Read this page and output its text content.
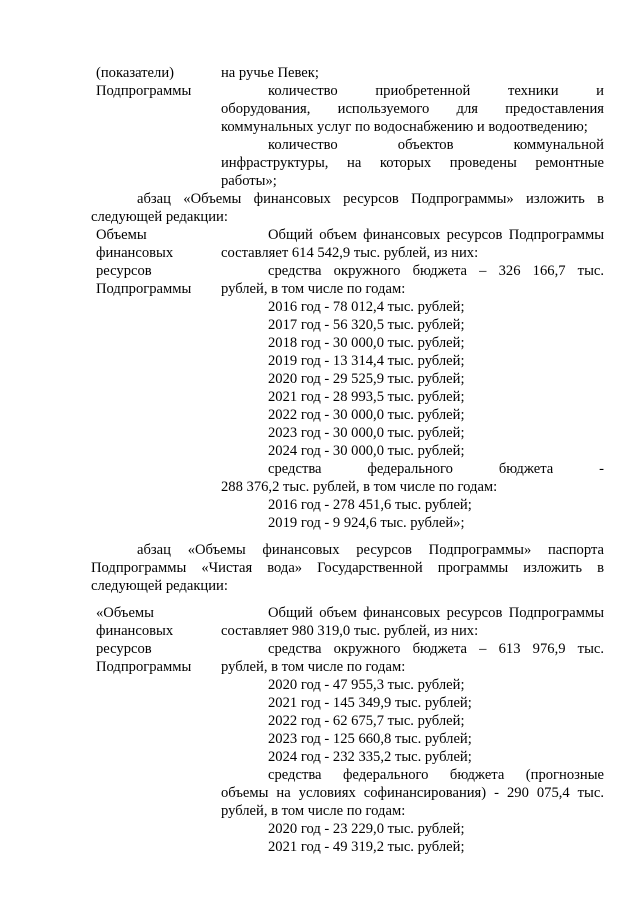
(показатели)	на ручье Певек;
Подпрограммы	количество приобретенной техники и
оборудования, используемого для предоставления
коммунальных услуг по водоснабжению и водоотведению;
количество объектов коммунальной
инфраструктуры, на которых проведены ремонтные
работы»;
абзац «Объемы финансовых ресурсов Подпрограммы» изложить в
следующей редакции:
Объемы
финансовых
ресурсов
Подпрограммы
Общий объем финансовых ресурсов Подпрограммы
составляет 614 542,9 тыс. рублей, из них:
средства окружного бюджета – 326 166,7 тыс.
рублей, в том числе по годам:
2016 год - 78 012,4 тыс. рублей;
2017 год - 56 320,5 тыс. рублей;
2018 год - 30 000,0 тыс. рублей;
2019 год - 13 314,4 тыс. рублей;
2020 год - 29 525,9 тыс. рублей;
2021 год - 28 993,5 тыс. рублей;
2022 год - 30 000,0 тыс. рублей;
2023 год - 30 000,0 тыс. рублей;
2024 год - 30 000,0 тыс. рублей;
средства федерального бюджета -
288 376,2 тыс. рублей, в том числе по годам:
2016 год - 278 451,6 тыс. рублей;
2019 год - 9 924,6 тыс. рублей»;
абзац «Объемы финансовых ресурсов Подпрограммы» паспорта
Подпрограммы «Чистая вода» Государственной программы изложить в
следующей редакции:
«Объемы
финансовых
ресурсов
Подпрограммы
Общий объем финансовых ресурсов Подпрограммы
составляет 980 319,0 тыс. рублей, из них:
средства окружного бюджета – 613 976,9 тыс.
рублей, в том числе по годам:
2020 год - 47 955,3 тыс. рублей;
2021 год - 145 349,9 тыс. рублей;
2022 год - 62 675,7 тыс. рублей;
2023 год - 125 660,8 тыс. рублей;
2024 год - 232 335,2 тыс. рублей;
средства федерального бюджета (прогнозные
объемы на условиях софинансирования) - 290 075,4 тыс.
рублей, в том числе по годам:
2020 год - 23 229,0 тыс. рублей;
2021 год - 49 319,2 тыс. рублей;
